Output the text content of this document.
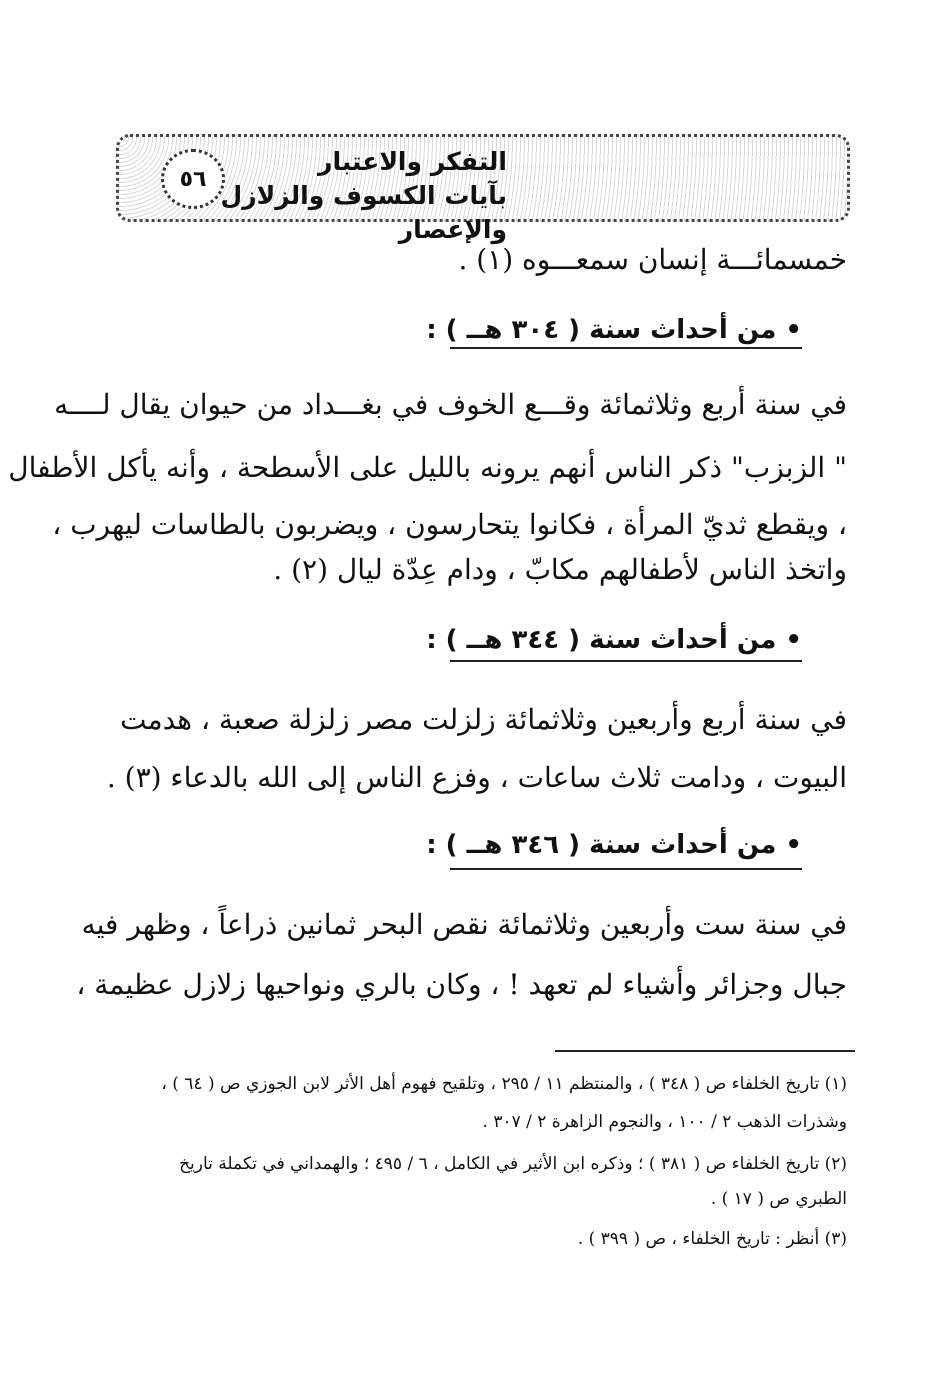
التفكر والاعتبار
بآيات الكسوف والزلازل والإعصار
٥٦
خمسمائـــة إنسان سمعـــوه (١) .
• من أحداث سنة ( ٣٠٤ هــ ) :
في سنة أربع وثلاثمائة وقـــع الخوف في بغـــداد من حيوان يقال لــــه
" الزبزب" ذكر الناس أنهم يرونه بالليل على الأسطحة ، وأنه يأكل الأطفال
، ويقطع ثديّ المرأة ، فكانوا يتحارسون ، ويضربون بالطاسات ليهرب ،
واتخذ الناس لأطفالهم مكابّ ، ودام عِدّة ليال (٢) .
• من أحداث سنة ( ٣٤٤ هــ ) :
في سنة أربع وأربعين وثلاثمائة زلزلت مصر زلزلة صعبة ، هدمت
البيوت ، ودامت ثلاث ساعات ، وفزع الناس إلى الله بالدعاء (٣) .
• من أحداث سنة ( ٣٤٦ هــ ) :
في سنة ست وأربعين وثلاثمائة نقص البحر ثمانين ذراعاً ، وظهر فيه
جبال وجزائر وأشياء لم تعهد ! ، وكان بالري ونواحيها زلازل عظيمة ،
(١) تاريخ الخلفاء ص ( ٣٤٨ ) ، والمنتظم ١١ / ٢٩٥ ، وتلقيح فهوم أهل الأثر لابن الجوزي ص ( ٦٤ ) ،
وشذرات الذهب ٢ / ١٠٠ ، والنجوم الزاهرة ٢ / ٣٠٧ .
(٢) تاريخ الخلفاء ص ( ٣٨١ ) ؛ وذكره ابن الأثير في الكامل ، ٦ / ٤٩٥ ؛ والهمداني في تكملة تاريخ
الطبري ص ( ١٧ ) .
(٣) أنظر : تاريخ الخلفاء ، ص ( ٣٩٩ ) .
